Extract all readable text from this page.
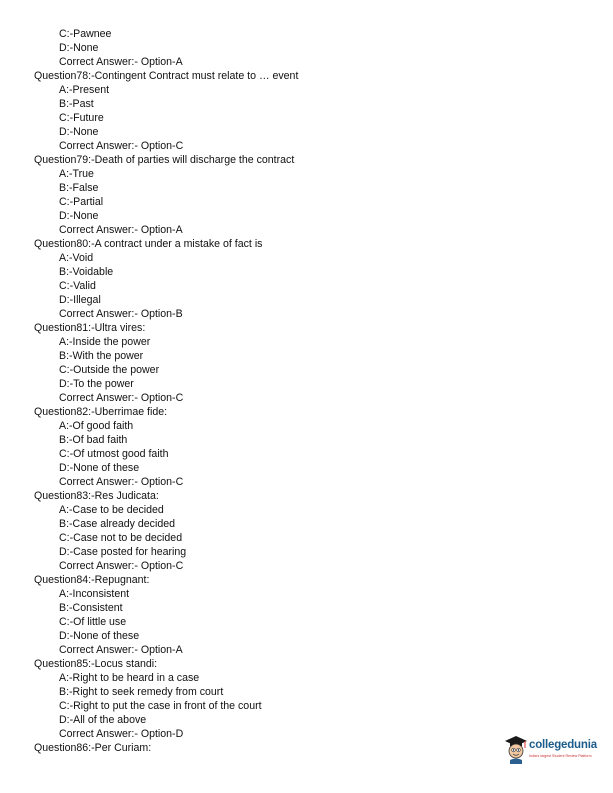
C:-Pawnee
D:-None
Correct Answer:- Option-A
Question78:-Contingent Contract must relate to … event
A:-Present
B:-Past
C:-Future
D:-None
Correct Answer:- Option-C
Question79:-Death of parties will discharge the contract
A:-True
B:-False
C:-Partial
D:-None
Correct Answer:- Option-A
Question80:-A contract under a mistake of fact is
A:-Void
B:-Voidable
C:-Valid
D:-Illegal
Correct Answer:- Option-B
Question81:-Ultra vires:
A:-Inside the power
B:-With the power
C:-Outside the power
D:-To the power
Correct Answer:- Option-C
Question82:-Uberrimae fide:
A:-Of good faith
B:-Of bad faith
C:-Of utmost good faith
D:-None of these
Correct Answer:- Option-C
Question83:-Res Judicata:
A:-Case to be decided
B:-Case already decided
C:-Case not to be decided
D:-Case posted for hearing
Correct Answer:- Option-C
Question84:-Repugnant:
A:-Inconsistent
B:-Consistent
C:-Of little use
D:-None of these
Correct Answer:- Option-A
Question85:-Locus standi:
A:-Right to be heard in a case
B:-Right to seek remedy from court
C:-Right to put the case in front of the court
D:-All of the above
Correct Answer:- Option-D
Question86:-Per Curiam:	collegedunia
India's largest Student Review Platform
